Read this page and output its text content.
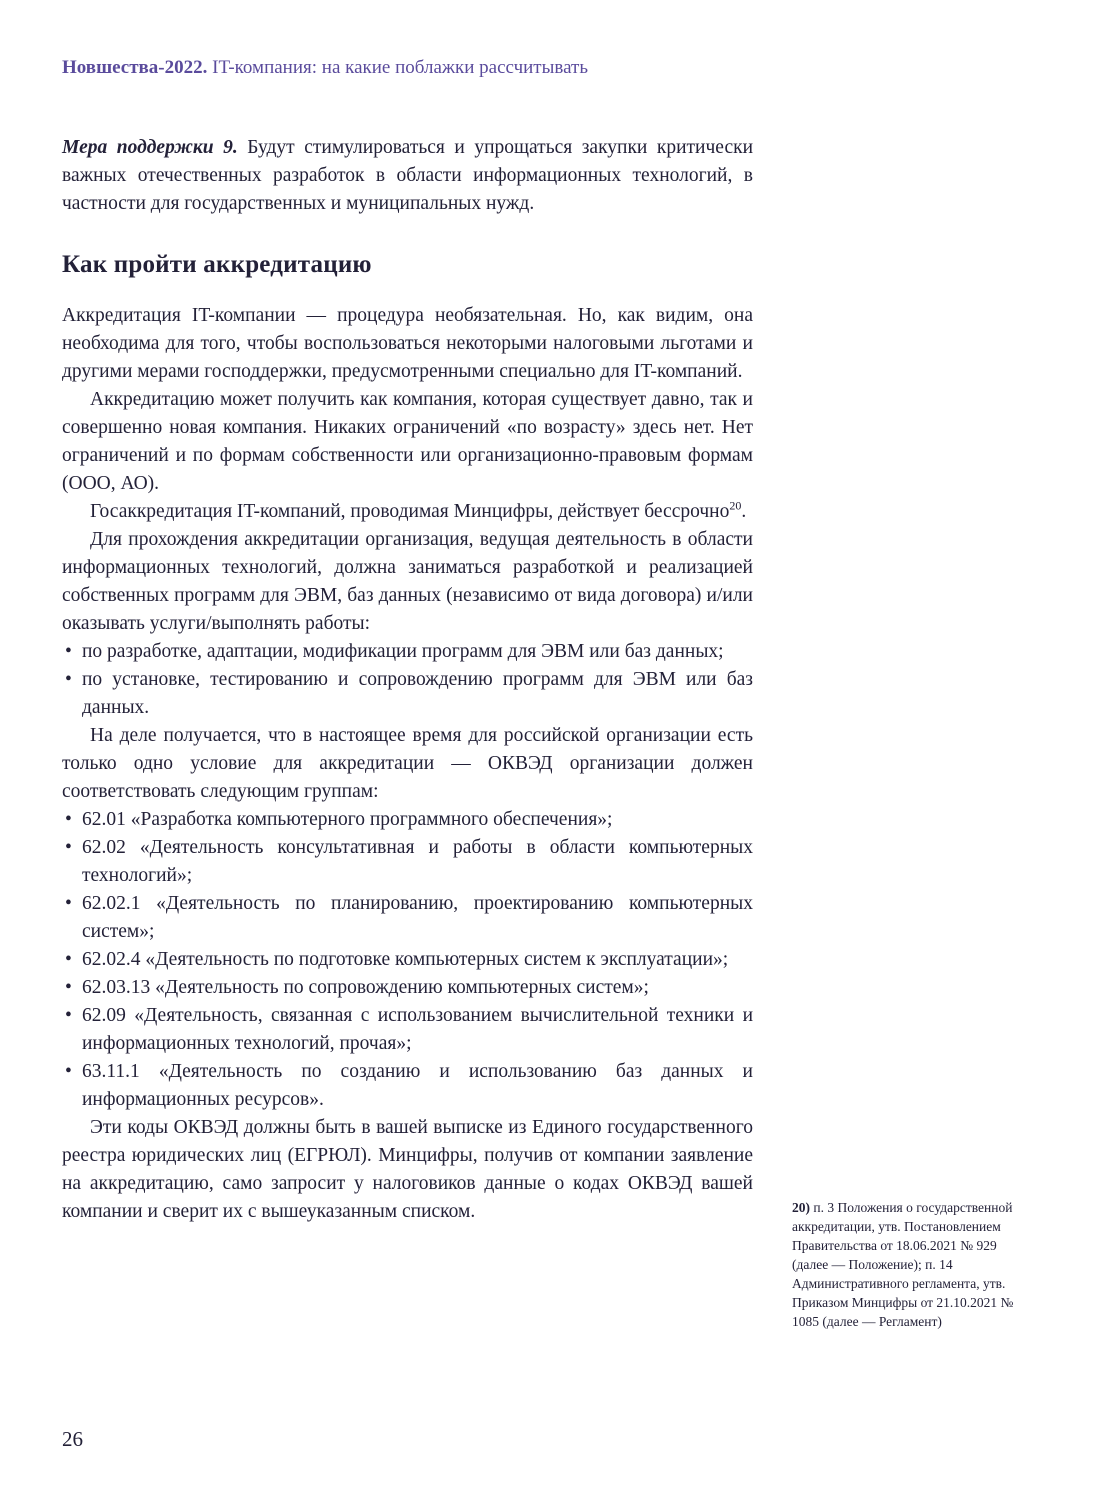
Новшества-2022. IT-компания: на какие поблажки рассчитывать

Мера поддержки 9. Будут стимулироваться и упрощаться закупки критически важных отечественных разработок в области информационных технологий, в частности для государственных и муниципальных нужд.

Как пройти аккредитацию

Аккредитация IT-компании — процедура необязательная. Но, как видим, она необходима для того, чтобы воспользоваться некоторыми налоговыми льготами и другими мерами господдержки, предусмотренными специально для IT-компаний.

Аккредитацию может получить как компания, которая существует давно, так и совершенно новая компания. Никаких ограничений «по возрасту» здесь нет. Нет ограничений и по формам собственности или организационно-правовым формам (ООО, АО).

Госаккредитация IT-компаний, проводимая Минцифры, действует бессрочно$^{20}$.

Для прохождения аккредитации организация, ведущая деятельность в области информационных технологий, должна заниматься разработкой и реализацией собственных программ для ЭВМ, баз данных (независимо от вида договора) и/или оказывать услуги/выполнять работы:

• по разработке, адаптации, модификации программ для ЭВМ или баз данных;
• по установке, тестированию и сопровождению программ для ЭВМ или баз данных.

На деле получается, что в настоящее время для российской организации есть только одно условие для аккредитации — ОКВЭД организации должен соответствовать следующим группам:

• 62.01 «Разработка компьютерного программного обеспечения»;
• 62.02 «Деятельность консультативная и работы в области компьютерных технологий»;
• 62.02.1 «Деятельность по планированию, проектированию компьютерных систем»;
• 62.02.4 «Деятельность по подготовке компьютерных систем к эксплуатации»;
• 62.03.13 «Деятельность по сопровождению компьютерных систем»;
• 62.09 «Деятельность, связанная с использованием вычислительной техники и информационных технологий, прочая»;
• 63.11.1 «Деятельность по созданию и использованию баз данных и информационных ресурсов».

Эти коды ОКВЭД должны быть в вашей выписке из Единого государственного реестра юридических лиц (ЕГРЮЛ). Минцифры, получив от компании заявление на аккредитацию, само запросит у налоговиков данные о кодах ОКВЭД вашей компании и сверит их с вышеуказанным списком.	20) п. 3 Положения о государственной аккредитации, утв. Постановлением Правительства от 18.06.2021 № 929 (далее — Положение); п. 14 Административного регламента, утв. Приказом Минцифры от 21.10.2021 № 1085 (далее — Регламент)
26
